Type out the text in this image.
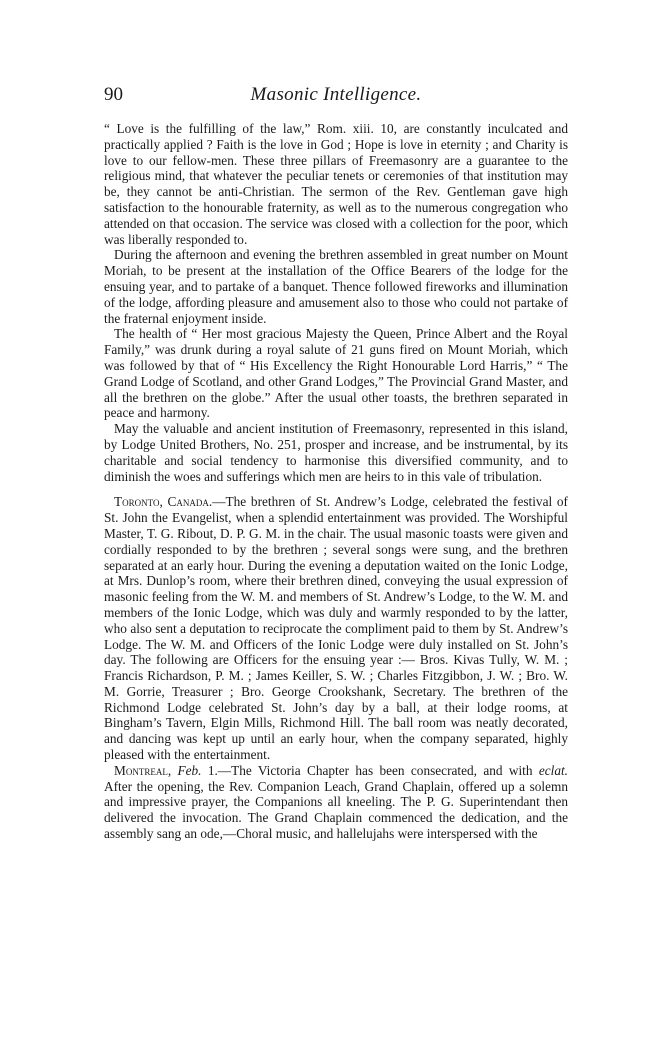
90	Masonic Intelligence.

“ Love is the fulfilling of the law,” Rom. xiii. 10, are constantly inculcated and practically applied ? Faith is the love in God ; Hope is love in eternity ; and Charity is love to our fellow-men. These three pillars of Freemasonry are a guarantee to the religious mind, that whatever the peculiar tenets or ceremonies of that institution may be, they cannot be anti-Christian. The sermon of the Rev. Gentleman gave high satisfaction to the honourable fraternity, as well as to the numerous congregation who attended on that occasion. The service was closed with a collection for the poor, which was liberally responded to.

During the afternoon and evening the brethren assembled in great number on Mount Moriah, to be present at the installation of the Office Bearers of the lodge for the ensuing year, and to partake of a banquet. Thence followed fireworks and illumination of the lodge, affording pleasure and amusement also to those who could not partake of the fraternal enjoyment inside.

The health of “ Her most gracious Majesty the Queen, Prince Albert and the Royal Family,” was drunk during a royal salute of 21 guns fired on Mount Moriah, which was followed by that of “ His Excellency the Right Honourable Lord Harris,” “ The Grand Lodge of Scotland, and other Grand Lodges,” The Provincial Grand Master, and all the brethren on the globe.” After the usual other toasts, the brethren separated in peace and harmony.

May the valuable and ancient institution of Freemasonry, represented in this island, by Lodge United Brothers, No. 251, prosper and increase, and be instrumental, by its charitable and social tendency to harmonise this diversified community, and to diminish the woes and sufferings which men are heirs to in this vale of tribulation.

Toronto, Canada.—The brethren of St. Andrew’s Lodge, celebrated the festival of St. John the Evangelist, when a splendid entertainment was provided. The Worshipful Master, T. G. Ribout, D. P. G. M. in the chair. The usual masonic toasts were given and cordially responded to by the brethren ; several songs were sung, and the brethren separated at an early hour. During the evening a deputation waited on the Ionic Lodge, at Mrs. Dunlop’s room, where their brethren dined, conveying the usual expression of masonic feeling from the W. M. and members of St. Andrew’s Lodge, to the W. M. and members of the Ionic Lodge, which was duly and warmly responded to by the latter, who also sent a deputation to reciprocate the compliment paid to them by St. Andrew’s Lodge. The W. M. and Officers of the Ionic Lodge were duly installed on St. John’s day. The following are Officers for the ensuing year :— Bros. Kivas Tully, W. M. ; Francis Richardson, P. M. ; James Keiller, S. W. ; Charles Fitzgibbon, J. W. ; Bro. W. M. Gorrie, Treasurer ; Bro. George Crookshank, Secretary. The brethren of the Richmond Lodge celebrated St. John’s day by a ball, at their lodge rooms, at Bingham’s Tavern, Elgin Mills, Richmond Hill. The ball room was neatly decorated, and dancing was kept up until an early hour, when the company separated, highly pleased with the entertainment.

Montreal, Feb. 1.—The Victoria Chapter has been consecrated, and with eclat. After the opening, the Rev. Companion Leach, Grand Chaplain, offered up a solemn and impressive prayer, the Companions all kneeling. The P. G. Superintendant then delivered the invocation. The Grand Chaplain commenced the dedication, and the assembly sang an ode,—Choral music, and hallelujahs were interspersed with the
